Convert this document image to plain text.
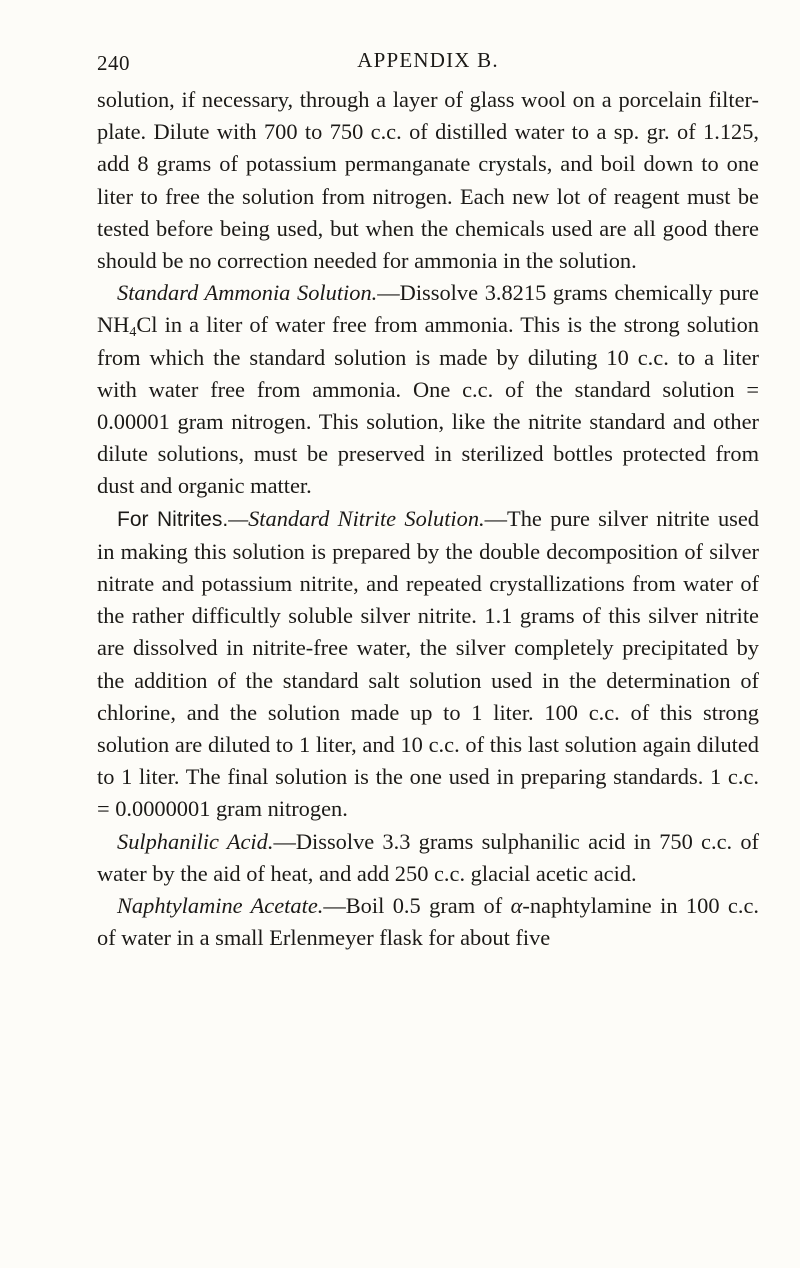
240	APPENDIX B.

solution, if necessary, through a layer of glass wool on a porcelain filter-plate. Dilute with 700 to 750 c.c. of distilled water to a sp. gr. of 1.125, add 8 grams of potassium permanganate crystals, and boil down to one liter to free the solution from nitrogen. Each new lot of reagent must be tested before being used, but when the chemicals used are all good there should be no correction needed for ammonia in the solution.

Standard Ammonia Solution.—Dissolve 3.8215 grams chemically pure $NH_4Cl$ in a liter of water free from ammonia. This is the strong solution from which the standard solution is made by diluting 10 c.c. to a liter with water free from ammonia. One c.c. of the standard solution = 0.00001 gram nitrogen. This solution, like the nitrite standard and other dilute solutions, must be preserved in sterilized bottles protected from dust and organic matter.

For Nitrites.—Standard Nitrite Solution.—The pure silver nitrite used in making this solution is prepared by the double decomposition of silver nitrate and potassium nitrite, and repeated crystallizations from water of the rather difficultly soluble silver nitrite. 1.1 grams of this silver nitrite are dissolved in nitrite-free water, the silver completely precipitated by the addition of the standard salt solution used in the determination of chlorine, and the solution made up to 1 liter. 100 c.c. of this strong solution are diluted to 1 liter, and 10 c.c. of this last solution again diluted to 1 liter. The final solution is the one used in preparing standards. 1 c.c. = 0.0000001 gram nitrogen.

Sulphanilic Acid.—Dissolve 3.3 grams sulphanilic acid in 750 c.c. of water by the aid of heat, and add 250 c.c. glacial acetic acid.

Naphtylamine Acetate.—Boil 0.5 gram of α-naphtylamine in 100 c.c. of water in a small Erlenmeyer flask for about five
